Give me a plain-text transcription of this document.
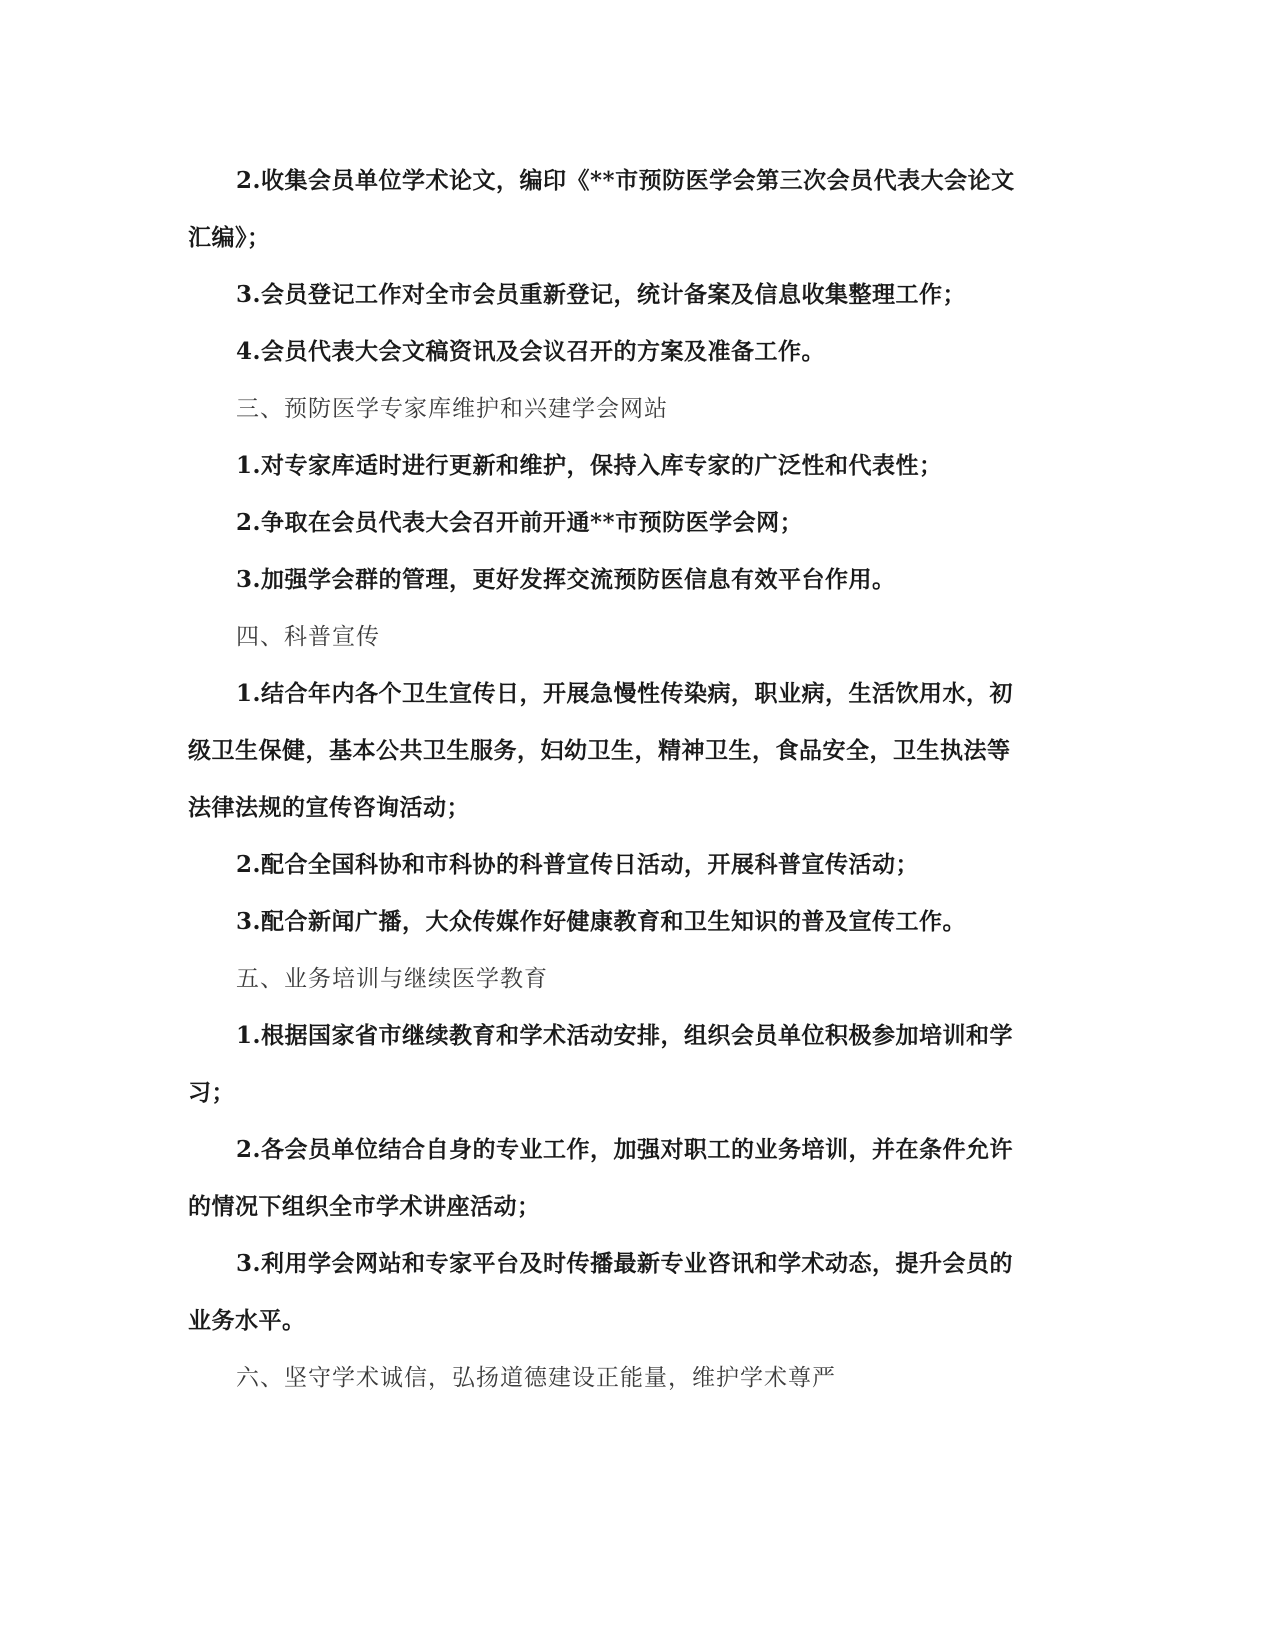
2.收集会员单位学术论文，编印《**市预防医学会第三次会员代表大会论文
汇编》；
3.会员登记工作对全市会员重新登记，统计备案及信息收集整理工作；
4.会员代表大会文稿资讯及会议召开的方案及准备工作。
三、预防医学专家库维护和兴建学会网站
1.对专家库适时进行更新和维护，保持入库专家的广泛性和代表性；
2.争取在会员代表大会召开前开通**市预防医学会网；
3.加强学会群的管理，更好发挥交流预防医信息有效平台作用。
四、科普宣传
1.结合年内各个卫生宣传日，开展急慢性传染病，职业病，生活饮用水，初
级卫生保健，基本公共卫生服务，妇幼卫生，精神卫生，食品安全，卫生执法等
法律法规的宣传咨询活动；
2.配合全国科协和市科协的科普宣传日活动，开展科普宣传活动；
3.配合新闻广播，大众传媒作好健康教育和卫生知识的普及宣传工作。
五、业务培训与继续医学教育
1.根据国家省市继续教育和学术活动安排，组织会员单位积极参加培训和学
习；
2.各会员单位结合自身的专业工作，加强对职工的业务培训，并在条件允许
的情况下组织全市学术讲座活动；
3.利用学会网站和专家平台及时传播最新专业咨讯和学术动态，提升会员的
业务水平。
六、坚守学术诚信，弘扬道德建设正能量，维护学术尊严
